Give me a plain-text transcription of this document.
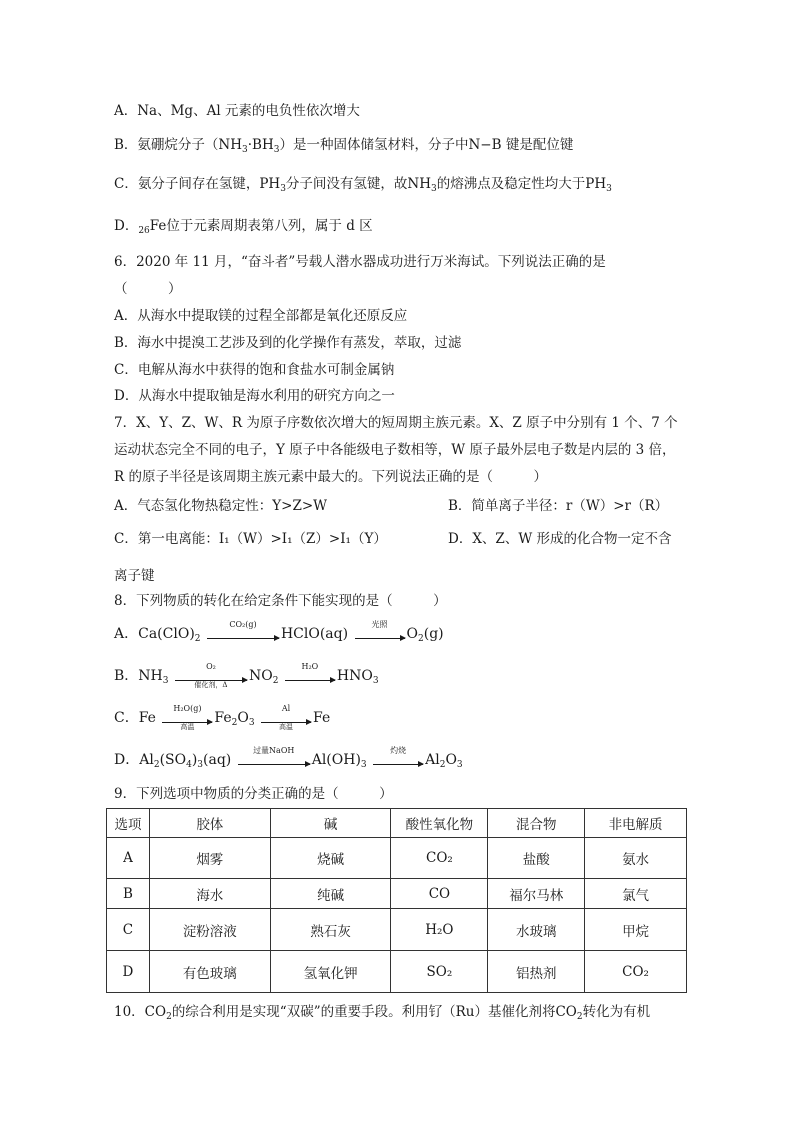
A．Na、Mg、Al 元素的电负性依次增大
B．氨硼烷分子$(NH_3\cdot BH_3)$是一种固体储氢材料，分子中N−B 键是配位键
C．氨分子间存在氢键，$PH_3$分子间没有氢键，故$NH_3$的熔沸点及稳定性均大于$PH_3$
D．$_{26}$Fe位于元素周期表第八列，属于 d 区
6．2020 年 11 月，“奋斗者”号载人潜水器成功进行万米海试。下列说法正确的是
（　　　）
A．从海水中提取镁的过程全部都是氧化还原反应
B．海水中提溴工艺涉及到的化学操作有蒸发，萃取，过滤
C．电解从海水中获得的饱和食盐水可制金属钠
D．从海水中提取铀是海水利用的研究方向之一
7．X、Y、Z、W、R 为原子序数依次增大的短周期主族元素。X、Z 原子中分别有 1 个、7 个
运动状态完全不同的电子，Y 原子中各能级电子数相等，W 原子最外层电子数是内层的 3 倍，
R 的原子半径是该周期主族元素中最大的。下列说法正确的是（　　　）
A．气态氢化物热稳定性：Y>Z>W	B．简单离子半径：r（W）>r（R）
C．第一电离能：I₁（W）>I₁（Z）>I₁（Y）	D．X、Z、W 形成的化合物一定不含
离子键
8．下列物质的转化在给定条件下能实现的是（　　　）
A．$Ca(ClO)_2$
CO₂(g)
HClO(aq)
光照
$O_2(g)$
B．$NH_3$
O₂
催化剂，Δ
$NO_2$
H₂O
$HNO_3$
C．Fe
H₂O(g)
高温
$Fe_2O_3$
Al
高温
Fe
D．$Al_2(SO_4)_3(aq)$
过量NaOH
$Al(OH)_3$
灼烧
$Al_2O_3$
9．下列选项中物质的分类正确的是（　　　）
选项	胶体	碱	酸性氧化物	混合物	非电解质
A	烟雾	烧碱	CO₂	盐酸	氨水
B	海水	纯碱	CO	福尔马林	氯气
C	淀粉溶液	熟石灰	H₂O	水玻璃	甲烷
D	有色玻璃	氢氧化钾	SO₂	铝热剂	CO₂
10．$CO_2$的综合利用是实现“双碳”的重要手段。利用钌（Ru）基催化剂将$CO_2$转化为有机
